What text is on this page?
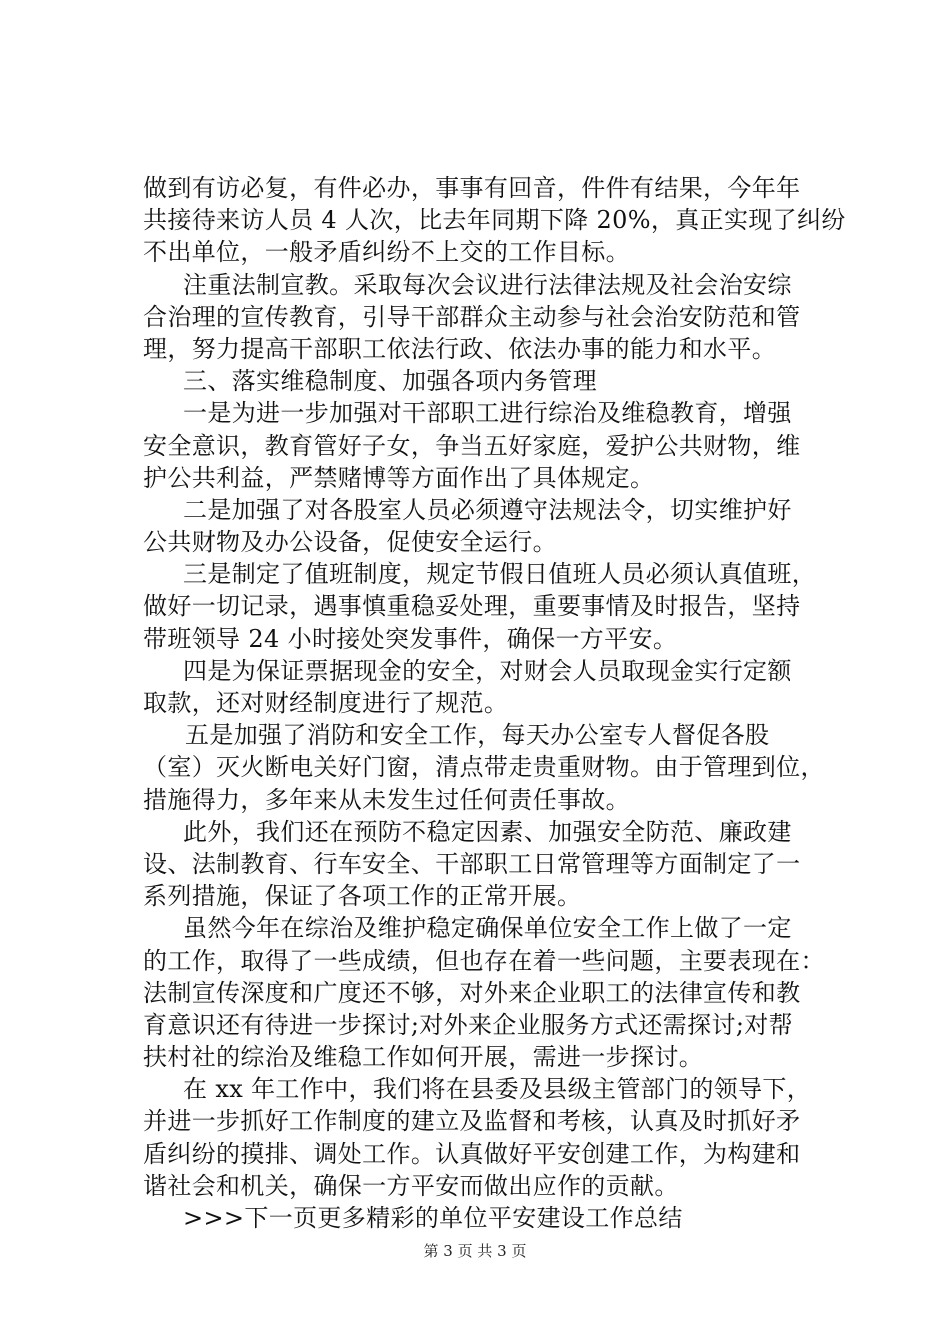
做到有访必复，有件必办，事事有回音，件件有结果，今年年
共接待来访人员 4 人次，比去年同期下降 20%，真正实现了纠纷
不出单位，一般矛盾纠纷不上交的工作目标。
注重法制宣教。采取每次会议进行法律法规及社会治安综
合治理的宣传教育，引导干部群众主动参与社会治安防范和管
理，努力提高干部职工依法行政、依法办事的能力和水平。
三、落实维稳制度、加强各项内务管理
一是为进一步加强对干部职工进行综治及维稳教育，增强
安全意识，教育管好子女，争当五好家庭，爱护公共财物，维
护公共利益，严禁赌博等方面作出了具体规定。
二是加强了对各股室人员必须遵守法规法令，切实维护好
公共财物及办公设备，促使安全运行。
三是制定了值班制度，规定节假日值班人员必须认真值班，
做好一切记录，遇事慎重稳妥处理，重要事情及时报告，坚持
带班领导 24 小时接处突发事件，确保一方平安。
四是为保证票据现金的安全，对财会人员取现金实行定额
取款，还对财经制度进行了规范。
五是加强了消防和安全工作，每天办公室专人督促各股
（室）灭火断电关好门窗，清点带走贵重财物。由于管理到位，
措施得力，多年来从未发生过任何责任事故。
此外，我们还在预防不稳定因素、加强安全防范、廉政建
设、法制教育、行车安全、干部职工日常管理等方面制定了一
系列措施，保证了各项工作的正常开展。
虽然今年在综治及维护稳定确保单位安全工作上做了一定
的工作，取得了一些成绩，但也存在着一些问题，主要表现在：
法制宣传深度和广度还不够，对外来企业职工的法律宣传和教
育意识还有待进一步探讨;对外来企业服务方式还需探讨;对帮
扶村社的综治及维稳工作如何开展，需进一步探讨。
在 xx 年工作中，我们将在县委及县级主管部门的领导下，
并进一步抓好工作制度的建立及监督和考核，认真及时抓好矛
盾纠纷的摸排、调处工作。认真做好平安创建工作，为构建和
谐社会和机关，确保一方平安而做出应作的贡献。
>>>下一页更多精彩的单位平安建设工作总结
第 3 页 共 3 页
